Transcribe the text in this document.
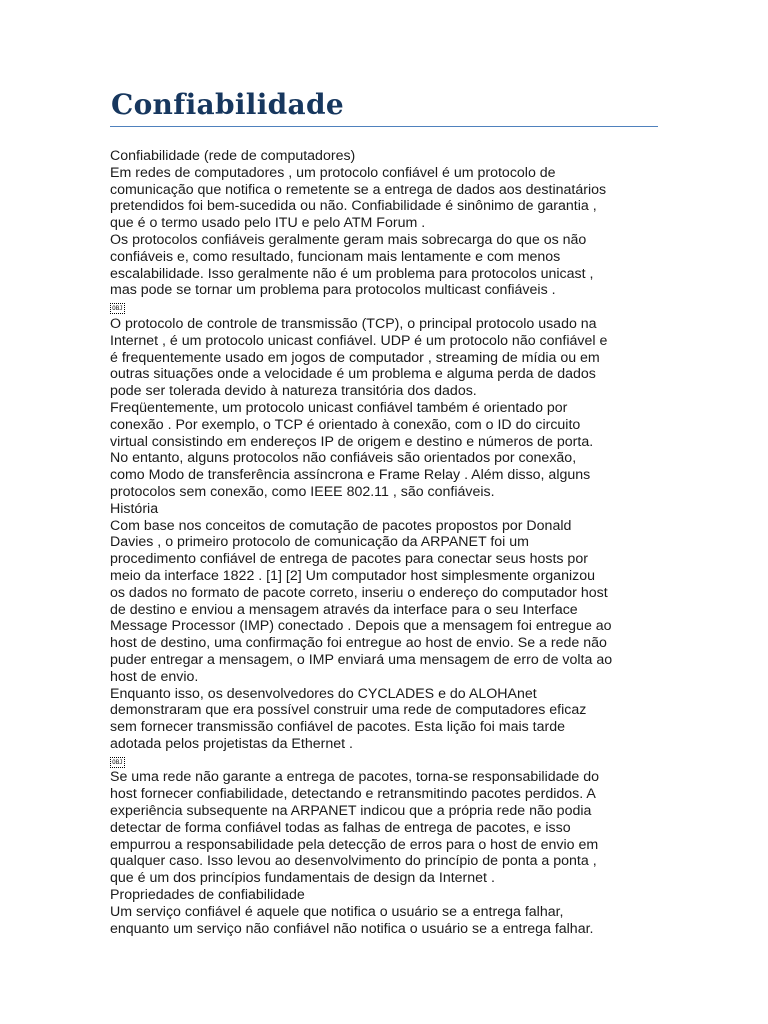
Confiabilidade
Confiabilidade (rede de computadores)
Em redes de computadores , um protocolo confiável é um protocolo de
comunicação que notifica o remetente se a entrega de dados aos destinatários
pretendidos foi bem-sucedida ou não. Confiabilidade é sinônimo de garantia ,
que é o termo usado pelo ITU e pelo ATM Forum .
Os protocolos confiáveis geralmente geram mais sobrecarga do que os não
confiáveis e, como resultado, funcionam mais lentamente e com menos
escalabilidade. Isso geralmente não é um problema para protocolos unicast ,
mas pode se tornar um problema para protocolos multicast confiáveis .
OBJ
O protocolo de controle de transmissão (TCP), o principal protocolo usado na
Internet , é um protocolo unicast confiável. UDP é um protocolo não confiável e
é frequentemente usado em jogos de computador , streaming de mídia ou em
outras situações onde a velocidade é um problema e alguma perda de dados
pode ser tolerada devido à natureza transitória dos dados.
Freqüentemente, um protocolo unicast confiável também é orientado por
conexão . Por exemplo, o TCP é orientado à conexão, com o ID do circuito
virtual consistindo em endereços IP de origem e destino e números de porta.
No entanto, alguns protocolos não confiáveis são orientados por conexão,
como Modo de transferência assíncrona e Frame Relay . Além disso, alguns
protocolos sem conexão, como IEEE 802.11 , são confiáveis.
História
Com base nos conceitos de comutação de pacotes propostos por Donald
Davies , o primeiro protocolo de comunicação da ARPANET foi um
procedimento confiável de entrega de pacotes para conectar seus hosts por
meio da interface 1822 . [1] [2] Um computador host simplesmente organizou
os dados no formato de pacote correto, inseriu o endereço do computador host
de destino e enviou a mensagem através da interface para o seu Interface
Message Processor (IMP) conectado . Depois que a mensagem foi entregue ao
host de destino, uma confirmação foi entregue ao host de envio. Se a rede não
puder entregar a mensagem, o IMP enviará uma mensagem de erro de volta ao
host de envio.
Enquanto isso, os desenvolvedores do CYCLADES e do ALOHAnet
demonstraram que era possível construir uma rede de computadores eficaz
sem fornecer transmissão confiável de pacotes. Esta lição foi mais tarde
adotada pelos projetistas da Ethernet .
OBJ
Se uma rede não garante a entrega de pacotes, torna-se responsabilidade do
host fornecer confiabilidade, detectando e retransmitindo pacotes perdidos. A
experiência subsequente na ARPANET indicou que a própria rede não podia
detectar de forma confiável todas as falhas de entrega de pacotes, e isso
empurrou a responsabilidade pela detecção de erros para o host de envio em
qualquer caso. Isso levou ao desenvolvimento do princípio de ponta a ponta ,
que é um dos princípios fundamentais de design da Internet .
Propriedades de confiabilidade
Um serviço confiável é aquele que notifica o usuário se a entrega falhar,
enquanto um serviço não confiável não notifica o usuário se a entrega falhar.
